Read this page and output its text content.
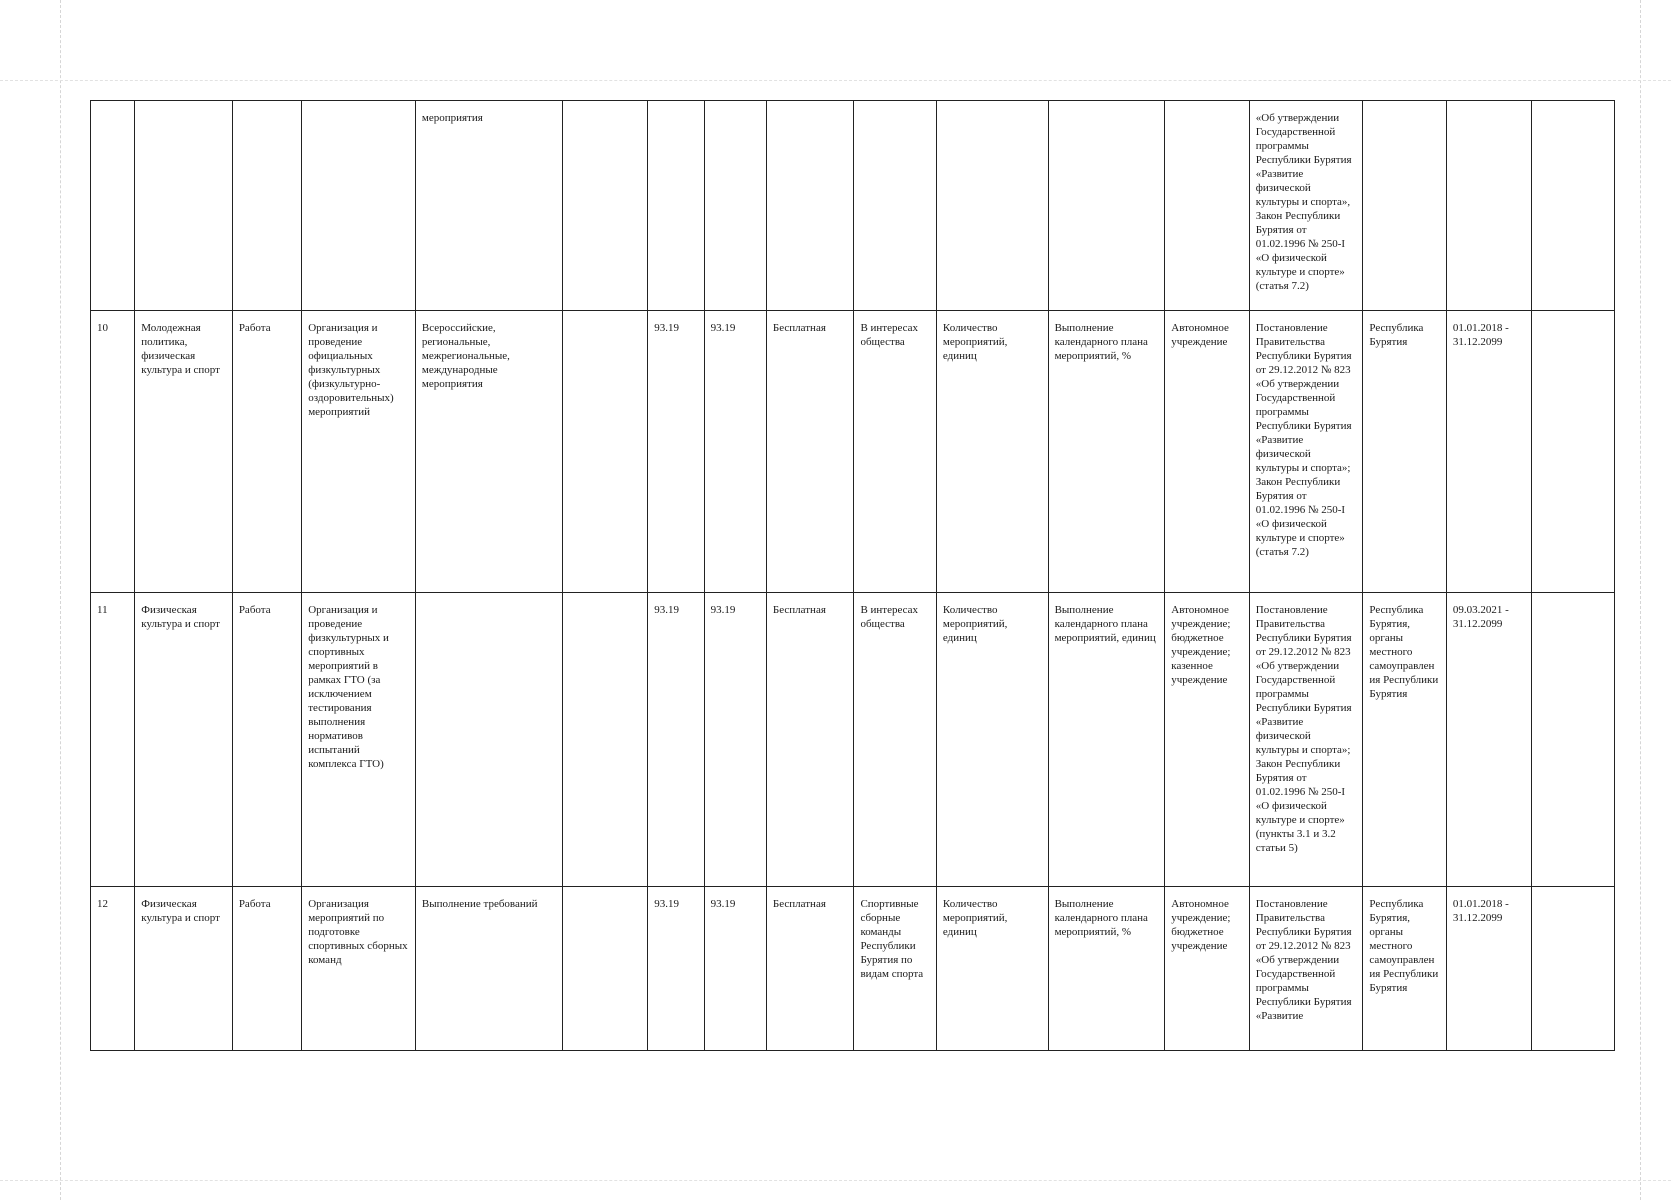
				мероприятия									«Об утверждении Государственной программы Республики Бурятия «Развитие физической культуры и спорта»,
Закон Республики Бурятия от 01.02.1996 № 250-I «О физической культуре и спорте» (статья 7.2)			
10	Молодежная политика, физическая культура и спорт	Работа	Организация и проведение официальных физкультурных (физкультурно-оздоровительных) мероприятий	Всероссийские, региональные, межрегиональные, международные мероприятия		93.19	93.19	Бесплатная	В интересах общества	Количество мероприятий, единиц	Выполнение календарного плана мероприятий, %	Автономное учреждение	Постановление Правительства Республики Бурятия от 29.12.2012 № 823 «Об утверждении Государственной программы Республики Бурятия «Развитие физической культуры и спорта»;
Закон Республики Бурятия от 01.02.1996 № 250-I «О физической культуре и спорте» (статья 7.2)	Республика Бурятия	01.01.2018 - 31.12.2099	
11	Физическая культура и спорт	Работа	Организация и проведение физкультурных и спортивных мероприятий в рамках ГТО (за исключением тестирования выполнения нормативов испытаний комплекса ГТО)			93.19	93.19	Бесплатная	В интересах общества	Количество мероприятий, единиц	Выполнение календарного плана мероприятий, единиц	Автономное учреждение; бюджетное учреждение; казенное учреждение	Постановление Правительства Республики Бурятия от 29.12.2012 № 823 «Об утверждении Государственной программы Республики Бурятия «Развитие физической культуры и спорта»;
Закон Республики Бурятия от 01.02.1996 № 250-I «О физической культуре и спорте» (пункты 3.1 и 3.2 статьи 5)	Республика Бурятия, органы местного самоуправления Республики Бурятия	09.03.2021 - 31.12.2099	
12	Физическая культура и спорт	Работа	Организация мероприятий по подготовке спортивных сборных команд	Выполнение требований		93.19	93.19	Бесплатная	Спортивные сборные команды Республики Бурятия по видам спорта	Количество мероприятий, единиц	Выполнение календарного плана мероприятий, %	Автономное учреждение; бюджетное учреждение	Постановление Правительства Республики Бурятия от 29.12.2012 № 823 «Об утверждении Государственной программы Республики Бурятия «Развитие	Республика Бурятия, органы местного самоуправления Республики Бурятия	01.01.2018 - 31.12.2099	
